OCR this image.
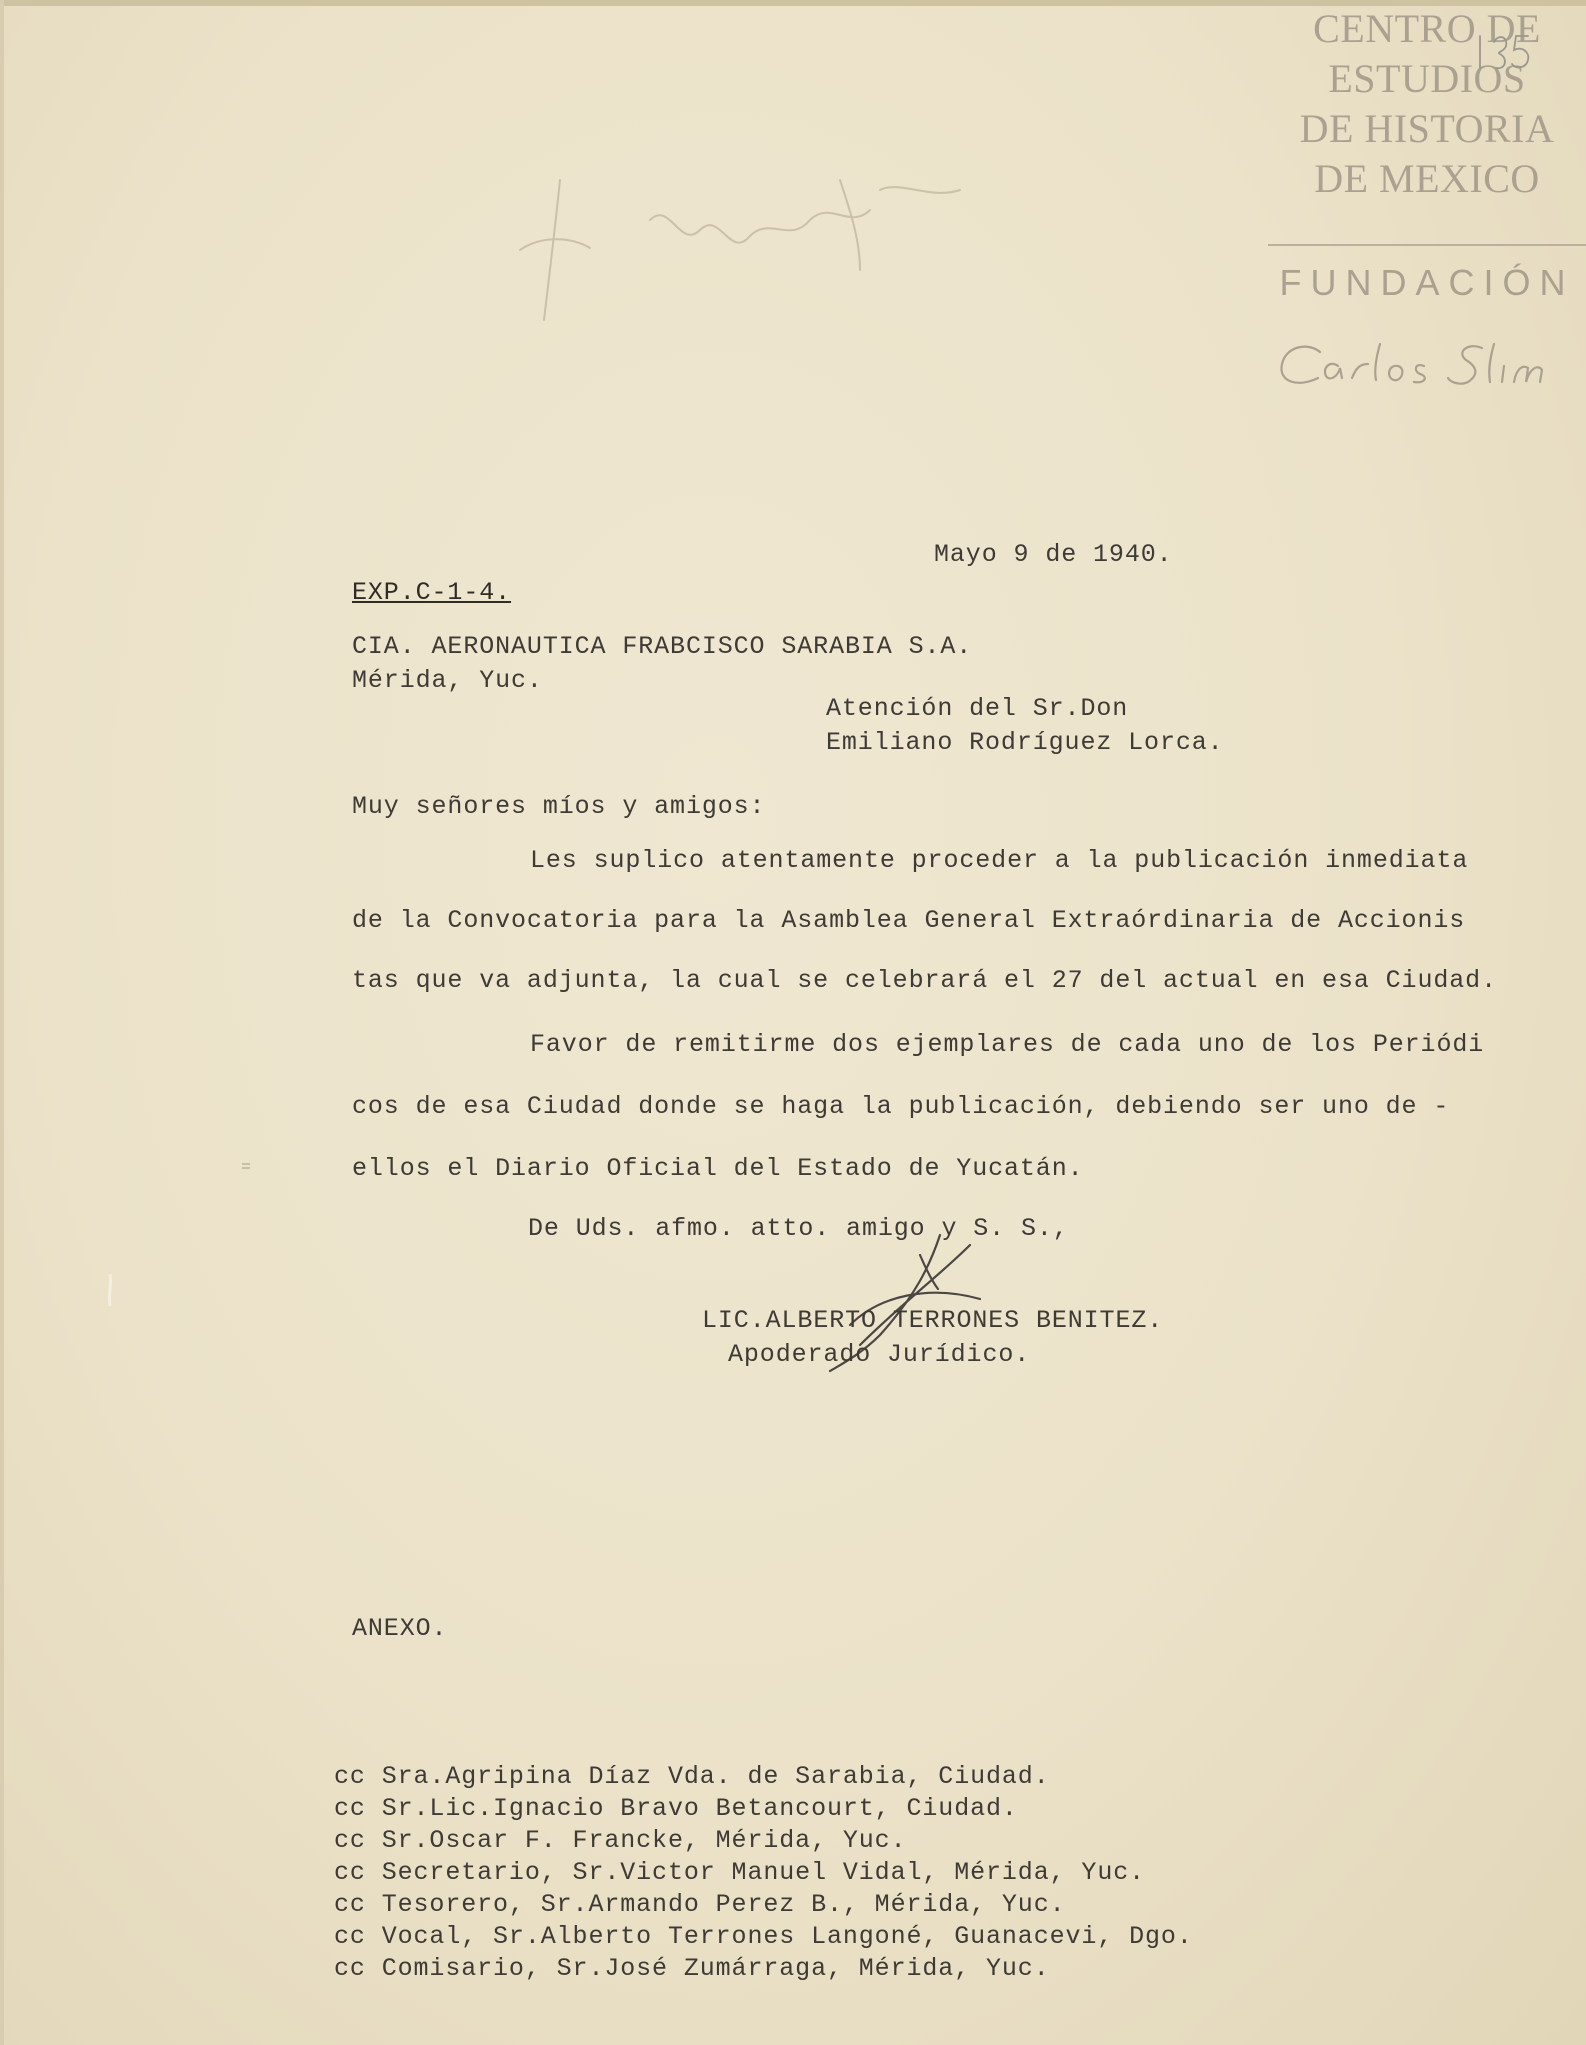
CENTRO DE
ESTUDIOS
DE HISTORIA
DE MEXICO
FUNDACIÓN
Mayo 9 de 1940.
EXP.C-1-4.
CIA. AERONAUTICA FRABCISCO SARABIA S.A.
Mérida, Yuc.
Atención del Sr.Don
Emiliano Rodríguez Lorca.
Muy señores míos y amigos:
Les suplico atentamente proceder a la publicación inmediata
de la Convocatoria para la Asamblea General Extraórdinaria de Accionis
tas que va adjunta, la cual se celebrará el 27 del actual en esa Ciudad.
Favor de remitirme dos ejemplares de cada uno de los Periódi
cos de esa Ciudad donde se haga la publicación, debiendo ser uno de -
ellos el Diario Oficial del Estado de Yucatán.
De Uds. afmo. atto. amigo y S. S.,
LIC.ALBERTO TERRONES BENITEZ.
Apoderado Jurídico.
ANEXO.
cc Sra.Agripina Díaz Vda. de Sarabia, Ciudad.
cc Sr.Lic.Ignacio Bravo Betancourt, Ciudad.
cc Sr.Oscar F. Francke, Mérida, Yuc.
cc Secretario, Sr.Victor Manuel Vidal, Mérida, Yuc.
cc Tesorero, Sr.Armando Perez B., Mérida, Yuc.
cc Vocal, Sr.Alberto Terrones Langoné, Guanacevi, Dgo.
cc Comisario, Sr.José Zumárraga, Mérida, Yuc.
